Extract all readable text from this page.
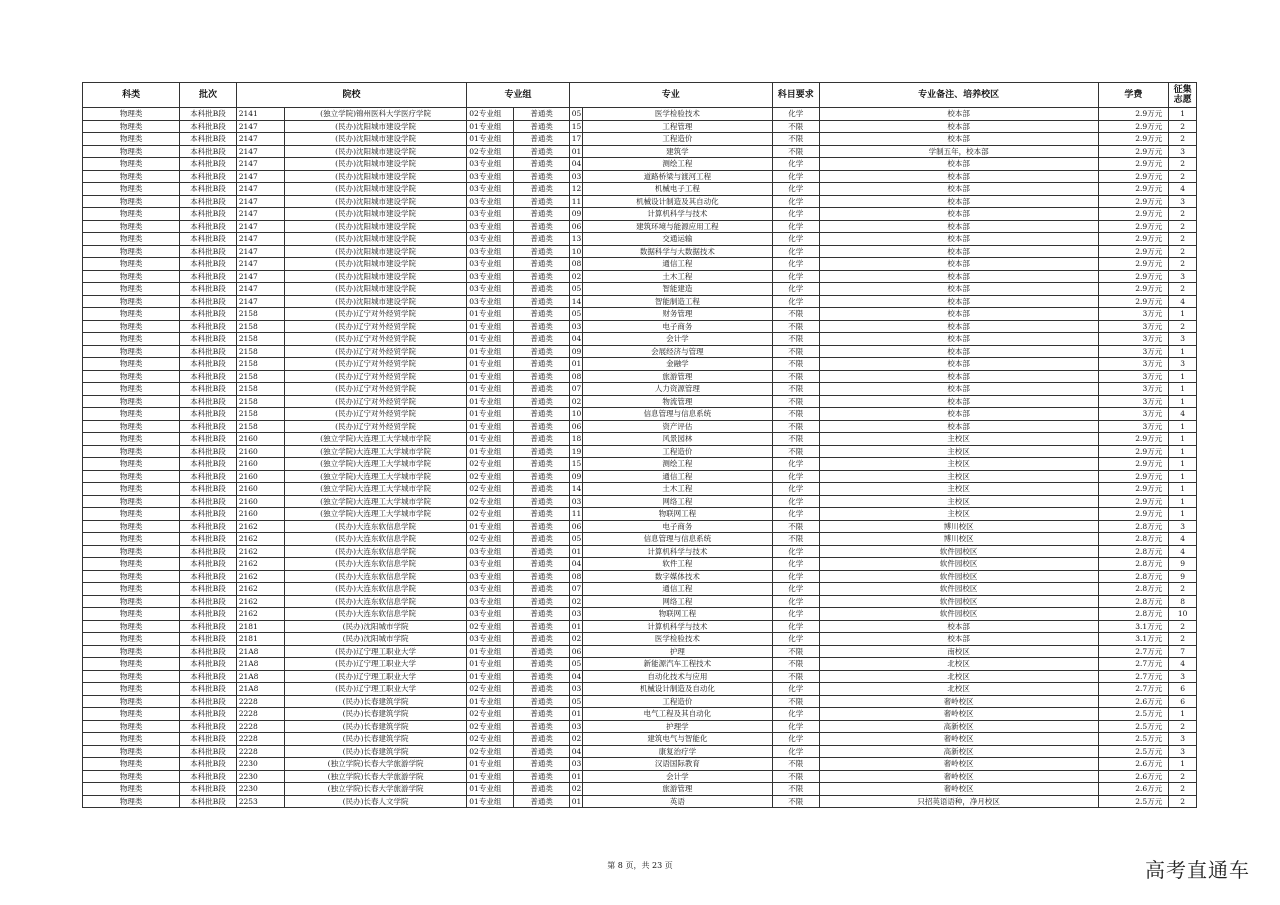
科类	批次	院校		专业组		专业		科目要求	专业备注、培养校区	学费	征集志愿
物理类	本科批B段	2141	(独立学院)锦州医科大学医疗学院	02专业组	普通类	05	医学检验技术	化学	校本部	2.9万元	1
物理类	本科批B段	2147	(民办)沈阳城市建设学院	01专业组	普通类	15	工程管理	不限	校本部	2.9万元	2
物理类	本科批B段	2147	(民办)沈阳城市建设学院	01专业组	普通类	17	工程造价	不限	校本部	2.9万元	2
物理类	本科批B段	2147	(民办)沈阳城市建设学院	02专业组	普通类	01	建筑学	不限	学制五年，校本部	2.9万元	3
物理类	本科批B段	2147	(民办)沈阳城市建设学院	03专业组	普通类	04	测绘工程	化学	校本部	2.9万元	2
物理类	本科批B段	2147	(民办)沈阳城市建设学院	03专业组	普通类	03	道路桥梁与渡河工程	化学	校本部	2.9万元	2
物理类	本科批B段	2147	(民办)沈阳城市建设学院	03专业组	普通类	12	机械电子工程	化学	校本部	2.9万元	4
物理类	本科批B段	2147	(民办)沈阳城市建设学院	03专业组	普通类	11	机械设计制造及其自动化	化学	校本部	2.9万元	3
物理类	本科批B段	2147	(民办)沈阳城市建设学院	03专业组	普通类	09	计算机科学与技术	化学	校本部	2.9万元	2
物理类	本科批B段	2147	(民办)沈阳城市建设学院	03专业组	普通类	06	建筑环境与能源应用工程	化学	校本部	2.9万元	2
物理类	本科批B段	2147	(民办)沈阳城市建设学院	03专业组	普通类	13	交通运输	化学	校本部	2.9万元	2
物理类	本科批B段	2147	(民办)沈阳城市建设学院	03专业组	普通类	10	数据科学与大数据技术	化学	校本部	2.9万元	2
物理类	本科批B段	2147	(民办)沈阳城市建设学院	03专业组	普通类	08	通信工程	化学	校本部	2.9万元	2
物理类	本科批B段	2147	(民办)沈阳城市建设学院	03专业组	普通类	02	土木工程	化学	校本部	2.9万元	3
物理类	本科批B段	2147	(民办)沈阳城市建设学院	03专业组	普通类	05	智能建造	化学	校本部	2.9万元	2
物理类	本科批B段	2147	(民办)沈阳城市建设学院	03专业组	普通类	14	智能制造工程	化学	校本部	2.9万元	4
物理类	本科批B段	2158	(民办)辽宁对外经贸学院	01专业组	普通类	05	财务管理	不限	校本部	3万元	1
物理类	本科批B段	2158	(民办)辽宁对外经贸学院	01专业组	普通类	03	电子商务	不限	校本部	3万元	2
物理类	本科批B段	2158	(民办)辽宁对外经贸学院	01专业组	普通类	04	会计学	不限	校本部	3万元	3
物理类	本科批B段	2158	(民办)辽宁对外经贸学院	01专业组	普通类	09	会展经济与管理	不限	校本部	3万元	1
物理类	本科批B段	2158	(民办)辽宁对外经贸学院	01专业组	普通类	01	金融学	不限	校本部	3万元	3
物理类	本科批B段	2158	(民办)辽宁对外经贸学院	01专业组	普通类	08	旅游管理	不限	校本部	3万元	1
物理类	本科批B段	2158	(民办)辽宁对外经贸学院	01专业组	普通类	07	人力资源管理	不限	校本部	3万元	1
物理类	本科批B段	2158	(民办)辽宁对外经贸学院	01专业组	普通类	02	物流管理	不限	校本部	3万元	1
物理类	本科批B段	2158	(民办)辽宁对外经贸学院	01专业组	普通类	10	信息管理与信息系统	不限	校本部	3万元	4
物理类	本科批B段	2158	(民办)辽宁对外经贸学院	01专业组	普通类	06	资产评估	不限	校本部	3万元	1
物理类	本科批B段	2160	(独立学院)大连理工大学城市学院	01专业组	普通类	18	风景园林	不限	主校区	2.9万元	1
物理类	本科批B段	2160	(独立学院)大连理工大学城市学院	01专业组	普通类	19	工程造价	不限	主校区	2.9万元	1
物理类	本科批B段	2160	(独立学院)大连理工大学城市学院	02专业组	普通类	15	测绘工程	化学	主校区	2.9万元	1
物理类	本科批B段	2160	(独立学院)大连理工大学城市学院	02专业组	普通类	09	通信工程	化学	主校区	2.9万元	1
物理类	本科批B段	2160	(独立学院)大连理工大学城市学院	02专业组	普通类	14	土木工程	化学	主校区	2.9万元	1
物理类	本科批B段	2160	(独立学院)大连理工大学城市学院	02专业组	普通类	03	网络工程	化学	主校区	2.9万元	1
物理类	本科批B段	2160	(独立学院)大连理工大学城市学院	02专业组	普通类	11	物联网工程	化学	主校区	2.9万元	1
物理类	本科批B段	2162	(民办)大连东软信息学院	01专业组	普通类	06	电子商务	不限	博川校区	2.8万元	3
物理类	本科批B段	2162	(民办)大连东软信息学院	02专业组	普通类	05	信息管理与信息系统	不限	博川校区	2.8万元	4
物理类	本科批B段	2162	(民办)大连东软信息学院	03专业组	普通类	01	计算机科学与技术	化学	软件园校区	2.8万元	4
物理类	本科批B段	2162	(民办)大连东软信息学院	03专业组	普通类	04	软件工程	化学	软件园校区	2.8万元	9
物理类	本科批B段	2162	(民办)大连东软信息学院	03专业组	普通类	08	数字媒体技术	化学	软件园校区	2.8万元	9
物理类	本科批B段	2162	(民办)大连东软信息学院	03专业组	普通类	07	通信工程	化学	软件园校区	2.8万元	2
物理类	本科批B段	2162	(民办)大连东软信息学院	03专业组	普通类	02	网络工程	化学	软件园校区	2.8万元	8
物理类	本科批B段	2162	(民办)大连东软信息学院	03专业组	普通类	03	物联网工程	化学	软件园校区	2.8万元	10
物理类	本科批B段	2181	(民办)沈阳城市学院	02专业组	普通类	01	计算机科学与技术	化学	校本部	3.1万元	2
物理类	本科批B段	2181	(民办)沈阳城市学院	03专业组	普通类	02	医学检验技术	化学	校本部	3.1万元	2
物理类	本科批B段	21A8	(民办)辽宁理工职业大学	01专业组	普通类	06	护理	不限	南校区	2.7万元	7
物理类	本科批B段	21A8	(民办)辽宁理工职业大学	01专业组	普通类	05	新能源汽车工程技术	不限	北校区	2.7万元	4
物理类	本科批B段	21A8	(民办)辽宁理工职业大学	01专业组	普通类	04	自动化技术与应用	不限	北校区	2.7万元	3
物理类	本科批B段	21A8	(民办)辽宁理工职业大学	02专业组	普通类	03	机械设计制造及自动化	化学	北校区	2.7万元	6
物理类	本科批B段	2228	(民办)长春建筑学院	01专业组	普通类	05	工程造价	不限	奢岭校区	2.6万元	6
物理类	本科批B段	2228	(民办)长春建筑学院	02专业组	普通类	01	电气工程及其自动化	化学	奢岭校区	2.5万元	1
物理类	本科批B段	2228	(民办)长春建筑学院	02专业组	普通类	03	护理学	化学	高新校区	2.5万元	2
物理类	本科批B段	2228	(民办)长春建筑学院	02专业组	普通类	02	建筑电气与智能化	化学	奢岭校区	2.5万元	3
物理类	本科批B段	2228	(民办)长春建筑学院	02专业组	普通类	04	康复治疗学	化学	高新校区	2.5万元	3
物理类	本科批B段	2230	(独立学院)长春大学旅游学院	01专业组	普通类	03	汉语国际教育	不限	奢岭校区	2.6万元	1
物理类	本科批B段	2230	(独立学院)长春大学旅游学院	01专业组	普通类	01	会计学	不限	奢岭校区	2.6万元	2
物理类	本科批B段	2230	(独立学院)长春大学旅游学院	01专业组	普通类	02	旅游管理	不限	奢岭校区	2.6万元	2
物理类	本科批B段	2253	(民办)长春人文学院	01专业组	普通类	01	英语	不限	只招英语语种，净月校区	2.5万元	2
第 8 页，共 23 页	高考直通车
